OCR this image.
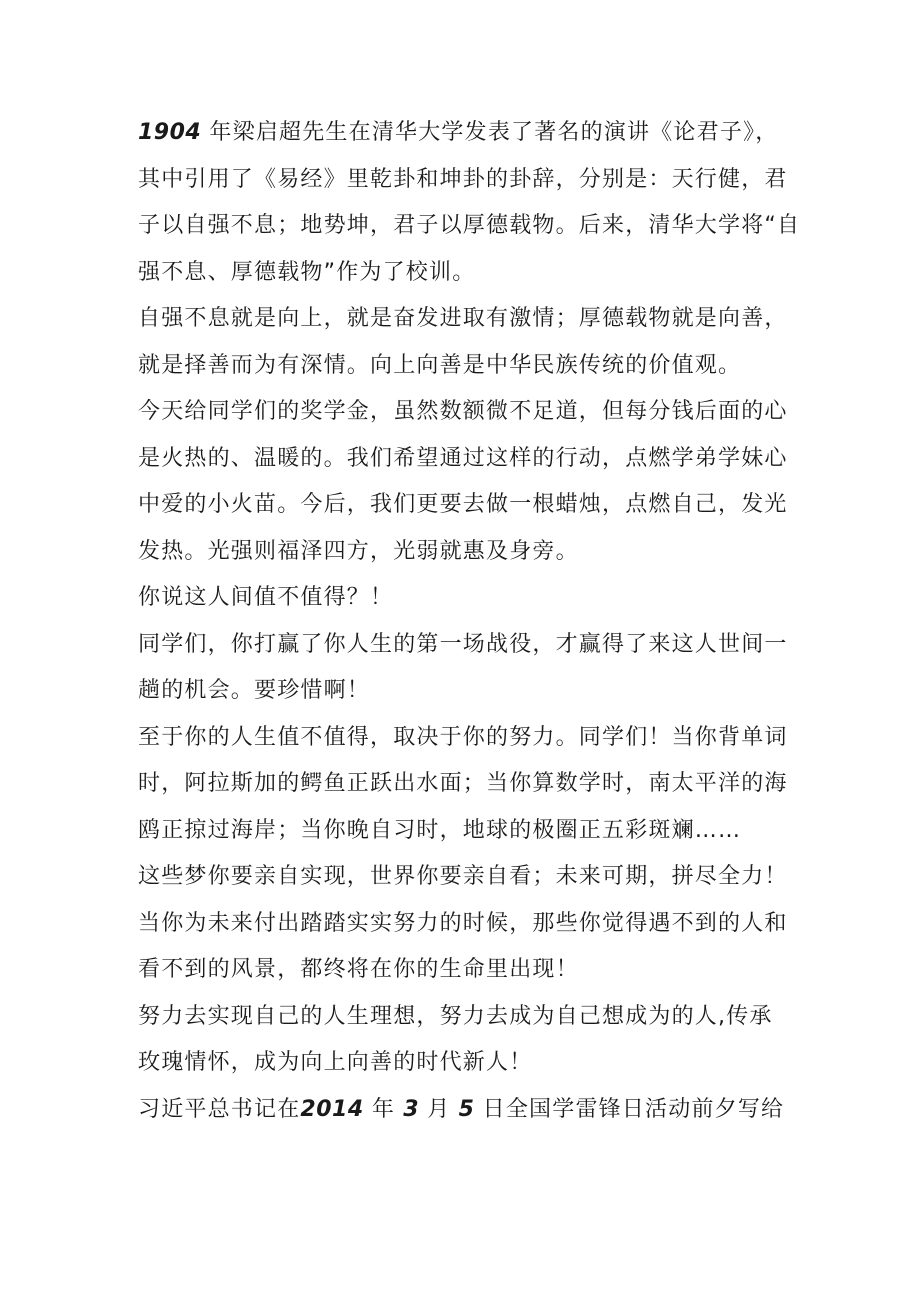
1904 年梁启超先生在清华大学发表了著名的演讲《论君子》，
其中引用了《易经》里乾卦和坤卦的卦辞，分别是：天行健，君
子以自强不息；地势坤，君子以厚德载物。后来，清华大学将“自
强不息、厚德载物”作为了校训。
自强不息就是向上，就是奋发进取有激情；厚德载物就是向善，
就是择善而为有深情。向上向善是中华民族传统的价值观。
今天给同学们的奖学金，虽然数额微不足道，但每分钱后面的心
是火热的、温暖的。我们希望通过这样的行动，点燃学弟学妹心
中爱的小火苗。今后，我们更要去做一根蜡烛，点燃自己，发光
发热。光强则福泽四方，光弱就惠及身旁。
你说这人间值不值得？！
同学们，你打赢了你人生的第一场战役，才赢得了来这人世间一
趟的机会。要珍惜啊！
至于你的人生值不值得，取决于你的努力。同学们！当你背单词
时，阿拉斯加的鳄鱼正跃出水面；当你算数学时，南太平洋的海
鸥正掠过海岸；当你晚自习时，地球的极圈正五彩斑斓……
这些梦你要亲自实现，世界你要亲自看；未来可期，拼尽全力！
当你为未来付出踏踏实实努力的时候，那些你觉得遇不到的人和
看不到的风景，都终将在你的生命里出现！
努力去实现自己的人生理想，努力去成为自己想成为的人,传承
玫瑰情怀，成为向上向善的时代新人！
习近平总书记在2014 年 3 月 5 日全国学雷锋日活动前夕写给
